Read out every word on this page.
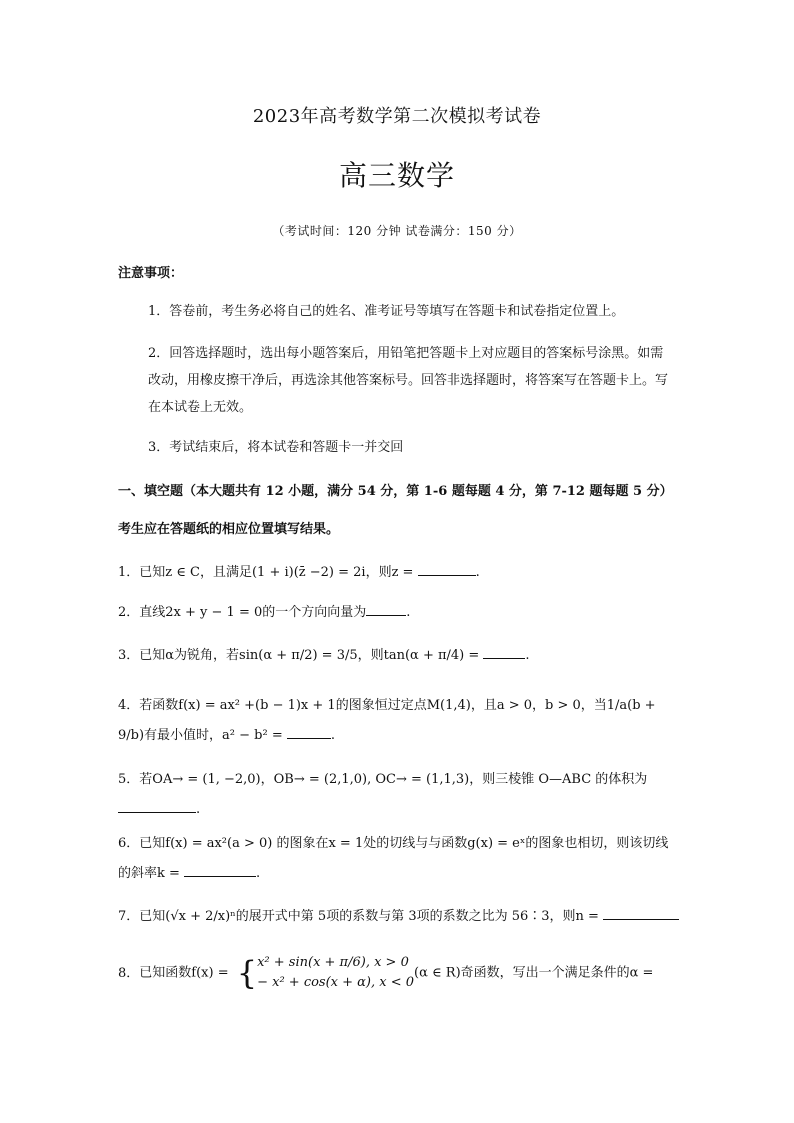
2023年高考数学第二次模拟考试卷
高三数学
（考试时间：120 分钟 试卷满分：150 分）
注意事项：
1．答卷前，考生务必将自己的姓名、准考证号等填写在答题卡和试卷指定位置上。
2．回答选择题时，选出每小题答案后，用铅笔把答题卡上对应题目的答案标号涂黑。如需改动，用橡皮擦干净后，再选涂其他答案标号。回答非选择题时，将答案写在答题卡上。写在本试卷上无效。
3．考试结束后，将本试卷和答题卡一并交回
一、填空题（本大题共有 12 小题，满分 54 分，第 1-6 题每题 4 分，第 7-12 题每题 5 分）
考生应在答题纸的相应位置填写结果。
1．已知z ∈ C，且满足(1 + i)(z̄ −2) = 2i，则z =	.
2．直线2x + y − 1 = 0的一个方向向量为	.
3．已知α为锐角，若sin(α + π/2) = 3/5，则tan(α + π/4) =	.
4．若函数f(x) = ax² +(b − 1)x + 1的图象恒过定点M(1,4)，且a > 0，b > 0，当1/a(b + 9/b)有最小值时，a² − b² =	.
5．若OA→ = (1, −2,0)，OB→ = (2,1,0), OC→ = (1,1,3)，则三棱锥 O—ABC 的体积为
.
6．已知f(x) = ax²(a > 0) 的图象在x = 1处的切线与与函数g(x) = eˣ的图象也相切，则该切线的斜率k =	.
7．已知(√x + 2/x)ⁿ的展开式中第 5项的系数与第 3项的系数之比为 56∶3，则n =
8．已知函数f(x) = {x² + sin(x + π/6), x > 0
− x² + cos(x + α), x < 0(α ∈ R)奇函数，写出一个满足条件的α =
